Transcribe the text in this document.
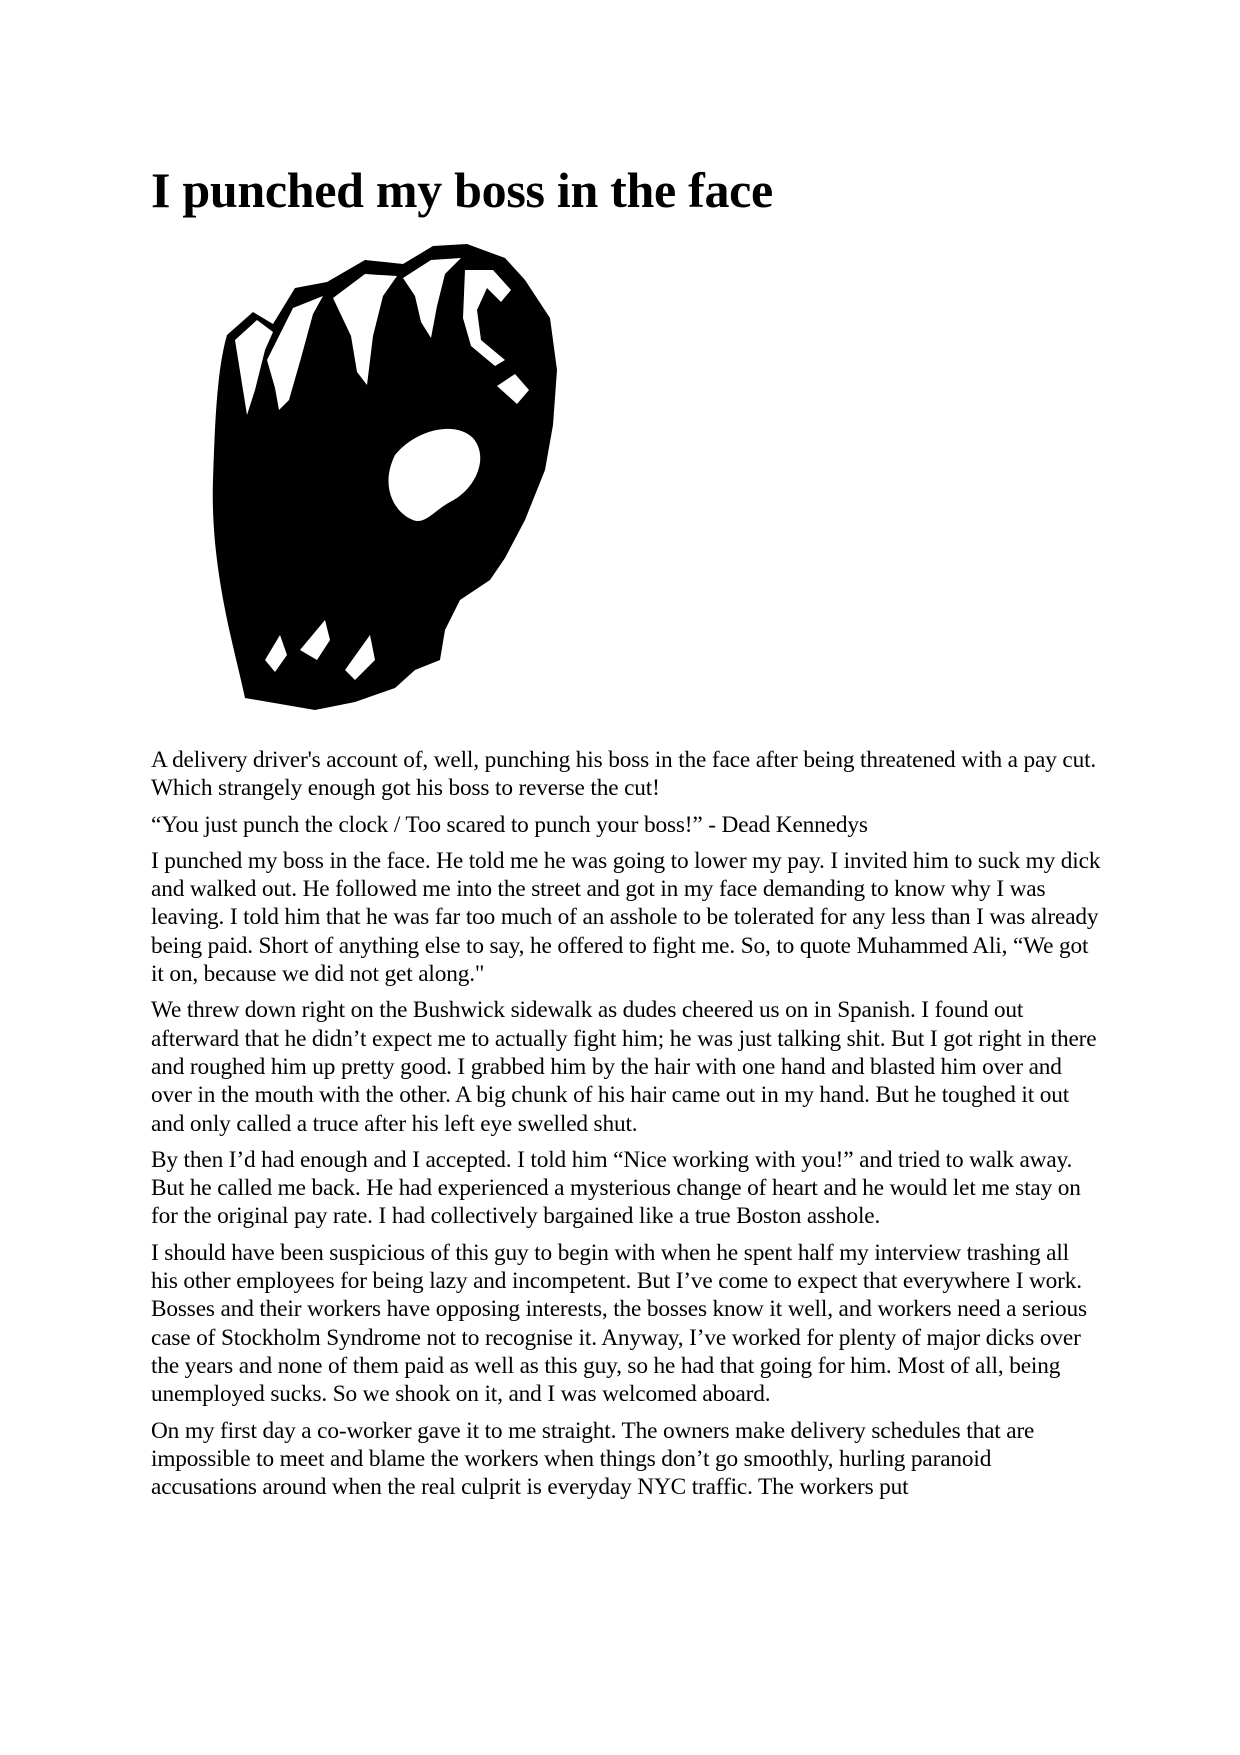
I punched my boss in the face

A delivery driver's account of, well, punching his boss in the face after being threatened with a pay cut. Which strangely enough got his boss to reverse the cut!

“You just punch the clock / Too scared to punch your boss!” - Dead Kennedys

I punched my boss in the face. He told me he was going to lower my pay. I invited him to suck my dick and walked out. He followed me into the street and got in my face demanding to know why I was leaving. I told him that he was far too much of an asshole to be tolerated for any less than I was already being paid. Short of anything else to say, he offered to fight me. So, to quote Muhammed Ali, “We got it on, because we did not get along."

We threw down right on the Bushwick sidewalk as dudes cheered us on in Spanish. I found out afterward that he didn’t expect me to actually fight him; he was just talking shit. But I got right in there and roughed him up pretty good. I grabbed him by the hair with one hand and blasted him over and over in the mouth with the other. A big chunk of his hair came out in my hand. But he toughed it out and only called a truce after his left eye swelled shut.

By then I’d had enough and I accepted. I told him “Nice working with you!” and tried to walk away. But he called me back. He had experienced a mysterious change of heart and he would let me stay on for the original pay rate. I had collectively bargained like a true Boston asshole.

I should have been suspicious of this guy to begin with when he spent half my interview trashing all his other employees for being lazy and incompetent. But I’ve come to expect that everywhere I work. Bosses and their workers have opposing interests, the bosses know it well, and workers need a serious case of Stockholm Syndrome not to recognise it. Anyway, I’ve worked for plenty of major dicks over the years and none of them paid as well as this guy, so he had that going for him. Most of all, being unemployed sucks. So we shook on it, and I was welcomed aboard.

On my first day a co-worker gave it to me straight. The owners make delivery schedules that are impossible to meet and blame the workers when things don’t go smoothly, hurling paranoid accusations around when the real culprit is everyday NYC traffic. The workers put
